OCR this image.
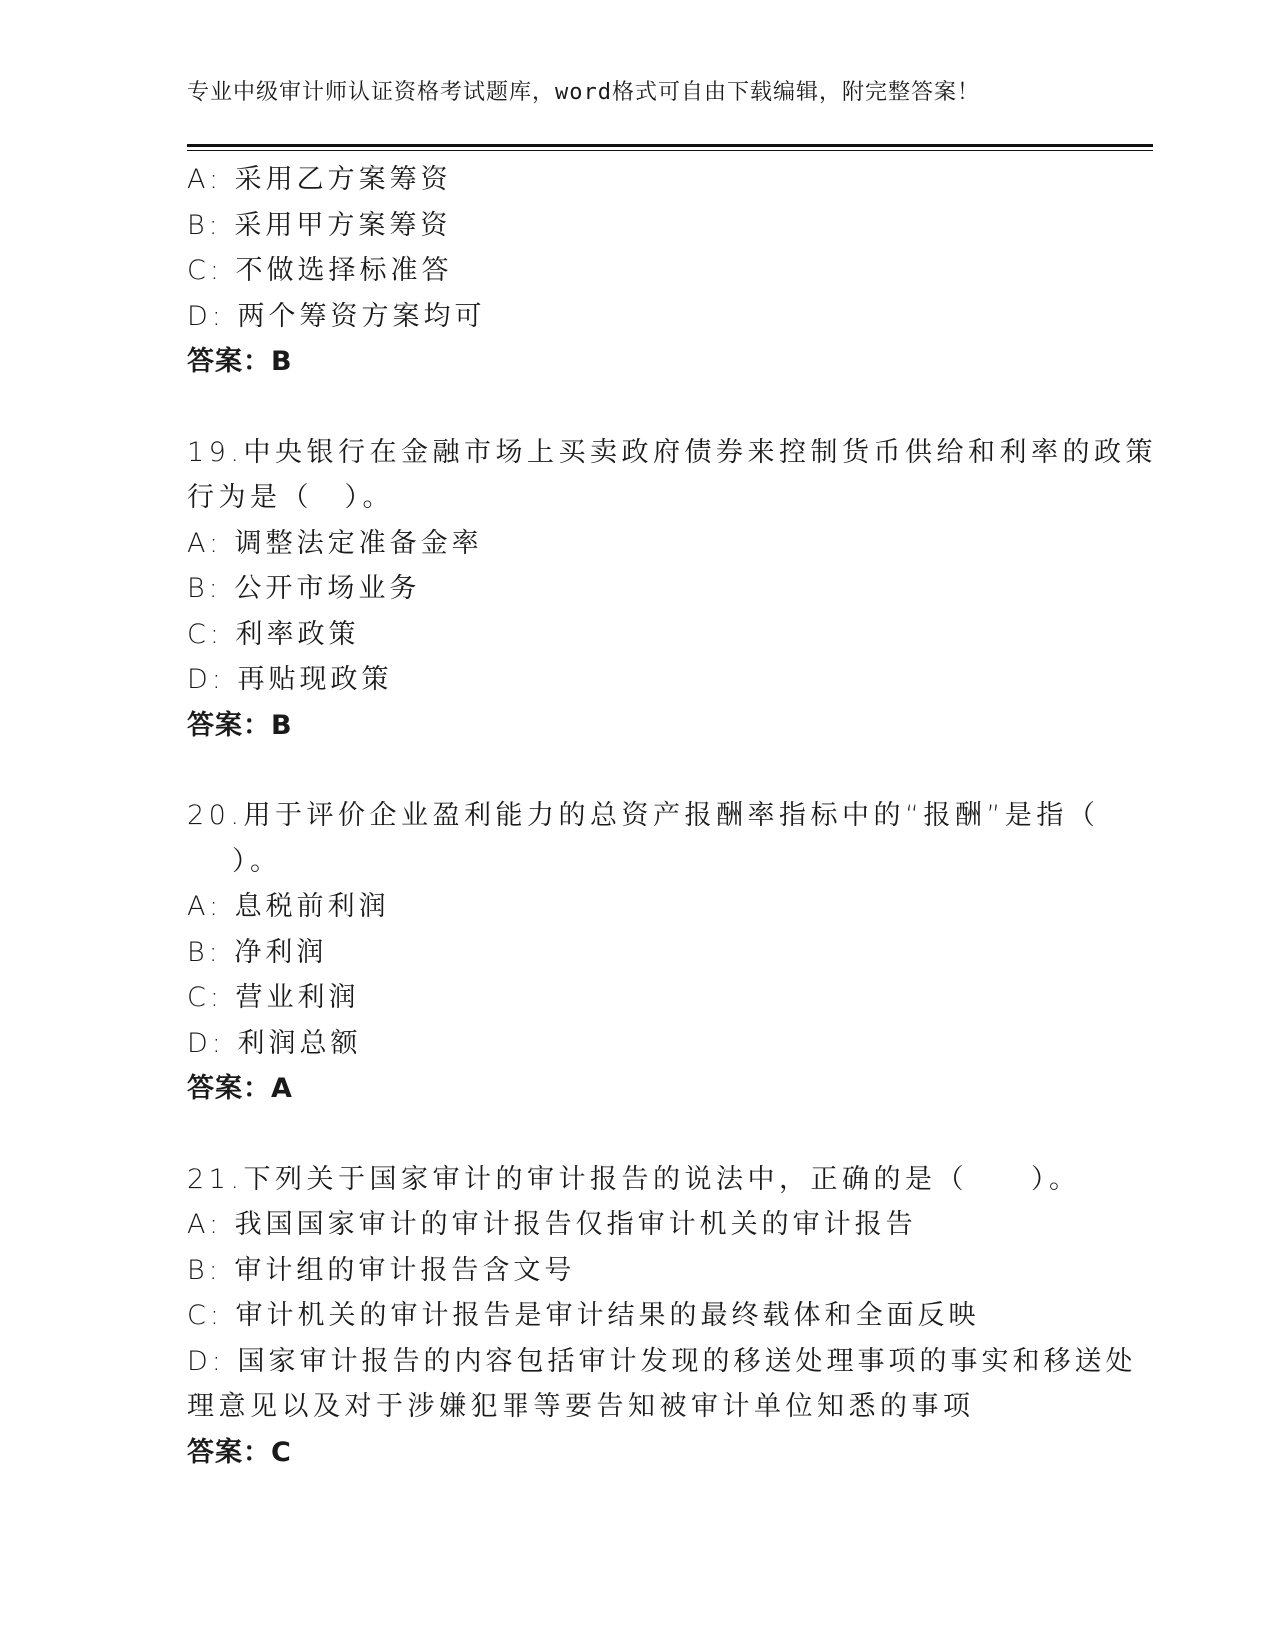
专业中级审计师认证资格考试题库，word格式可自由下载编辑，附完整答案！
A: 采用乙方案筹资
B: 采用甲方案筹资
C: 不做选择标准答
D: 两个筹资方案均可
答案：B
19.中央银行在金融市场上买卖政府债券来控制货币供给和利率的政策
行为是（　）。
A: 调整法定准备金率
B: 公开市场业务
C: 利率政策
D: 再贴现政策
答案：B
20.用于评价企业盈利能力的总资产报酬率指标中的“报酬”是指（
）。
A: 息税前利润
B: 净利润
C: 营业利润
D: 利润总额
答案：A
21.下列关于国家审计的审计报告的说法中，正确的是（　　）。
A: 我国国家审计的审计报告仅指审计机关的审计报告
B: 审计组的审计报告含文号
C: 审计机关的审计报告是审计结果的最终载体和全面反映
D: 国家审计报告的内容包括审计发现的移送处理事项的事实和移送处
理意见以及对于涉嫌犯罪等要告知被审计单位知悉的事项
答案：C
